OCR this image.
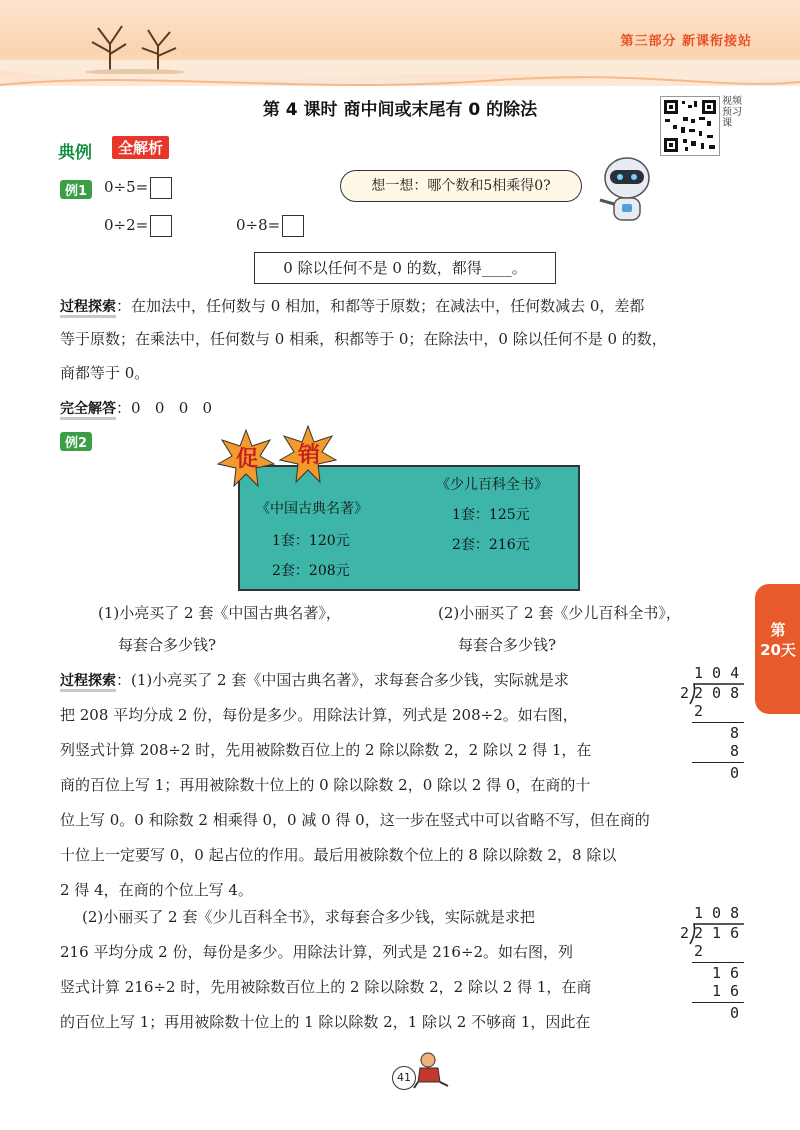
第三部分 新课衔接站
第 4 课时 商中间或末尾有 0 的除法	视频预习课
典例	全解析
例1	0÷5=
0÷2=	0÷8=
想一想：哪个数和5相乘得0?
0 除以任何不是 0 的数，都得____。
过程探索：在加法中，任何数与 0 相加，和都等于原数；在减法中，任何数减去 0，差都
等于原数；在乘法中，任何数与 0 相乘，积都等于 0；在除法中，0 除以任何不是 0 的数，
商都等于 0。
完全解答：0   0   0   0
例2
促 销
《中国古典名著》
1套：120元
2套：208元
《少儿百科全书》
1套：125元
2套：216元
(1)小亮买了 2 套《中国古典名著》，
每套合多少钱?
(2)小丽买了 2 套《少儿百科全书》，
每套合多少钱?
第
20天
过程探索：(1)小亮买了 2 套《中国古典名著》，求每套合多少钱，实际就是求
把 208 平均分成 2 份，每份是多少。用除法计算，列式是 208÷2。如右图，
列竖式计算 208÷2 时，先用被除数百位上的 2 除以除数 2，2 除以 2 得 1，在
商的百位上写 1；再用被除数十位上的 0 除以除数 2，0 除以 2 得 0，在商的十
位上写 0。0 和除数 2 相乘得 0，0 减 0 得 0，这一步在竖式中可以省略不写，但在商的
十位上一定要写 0，0 起占位的作用。最后用被除数个位上的 8 除以除数 2，8 除以
2 得 4，在商的个位上写 4。
1 0 4
2 2 0 8
2
8
8
0
(2)小丽买了 2 套《少儿百科全书》，求每套合多少钱，实际就是求把
216 平均分成 2 份，每份是多少。用除法计算，列式是 216÷2。如右图，列
竖式计算 216÷2 时，先用被除数百位上的 2 除以除数 2，2 除以 2 得 1，在商
的百位上写 1；再用被除数十位上的 1 除以除数 2，1 除以 2 不够商 1，因此在
1 0 8
2 2 1 6
2
1 6
1 6
0
41
